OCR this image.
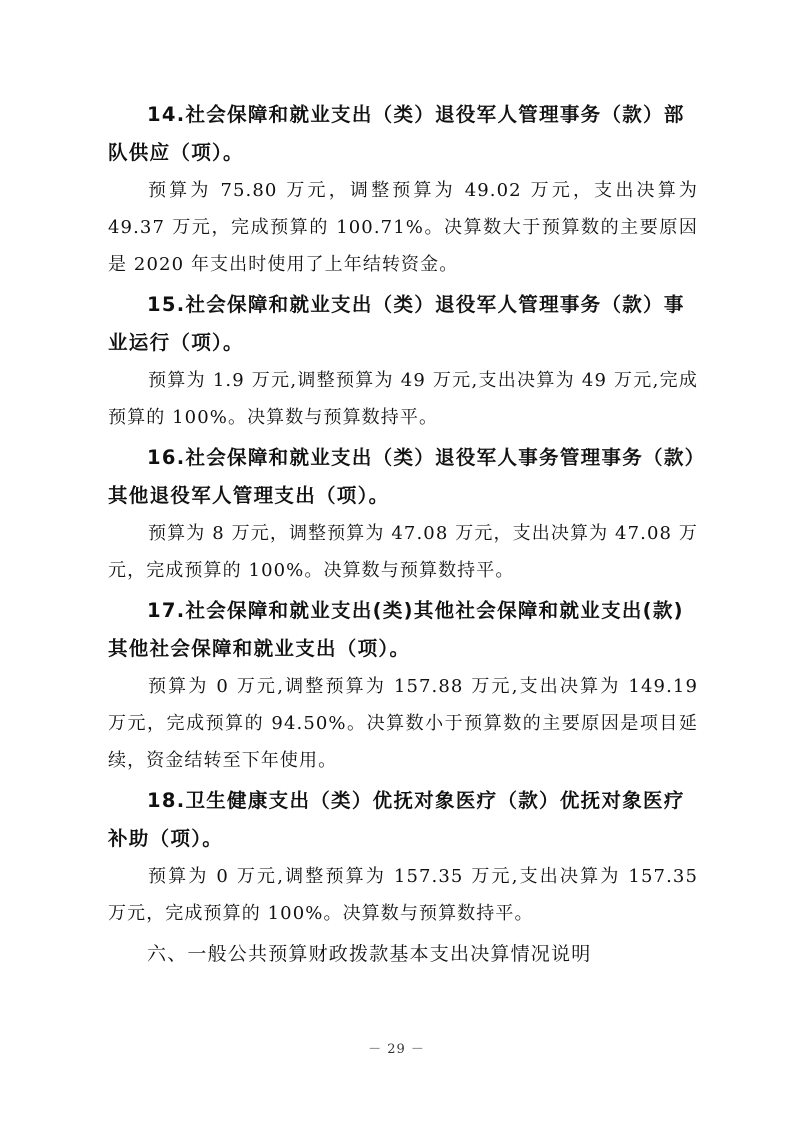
14.社会保障和就业支出（类）退役军人管理事务（款）部队供应（项）。

预算为 75.80 万元，调整预算为 49.02 万元，支出决算为 49.37 万元，完成预算的 100.71%。决算数大于预算数的主要原因是 2020 年支出时使用了上年结转资金。

15.社会保障和就业支出（类）退役军人管理事务（款）事业运行（项）。

预算为 1.9 万元,调整预算为 49 万元,支出决算为 49 万元,完成预算的 100%。决算数与预算数持平。

16.社会保障和就业支出（类）退役军人事务管理事务（款）其他退役军人管理支出（项）。

预算为 8 万元，调整预算为 47.08 万元，支出决算为 47.08 万元，完成预算的 100%。决算数与预算数持平。

17.社会保障和就业支出(类)其他社会保障和就业支出(款)其他社会保障和就业支出（项）。

预算为 0 万元,调整预算为 157.88 万元,支出决算为 149.19 万元，完成预算的 94.50%。决算数小于预算数的主要原因是项目延续，资金结转至下年使用。

18.卫生健康支出（类）优抚对象医疗（款）优抚对象医疗补助（项）。

预算为 0 万元,调整预算为 157.35 万元,支出决算为 157.35 万元，完成预算的 100%。决算数与预算数持平。

六、一般公共预算财政拨款基本支出决算情况说明

－ 29 －
